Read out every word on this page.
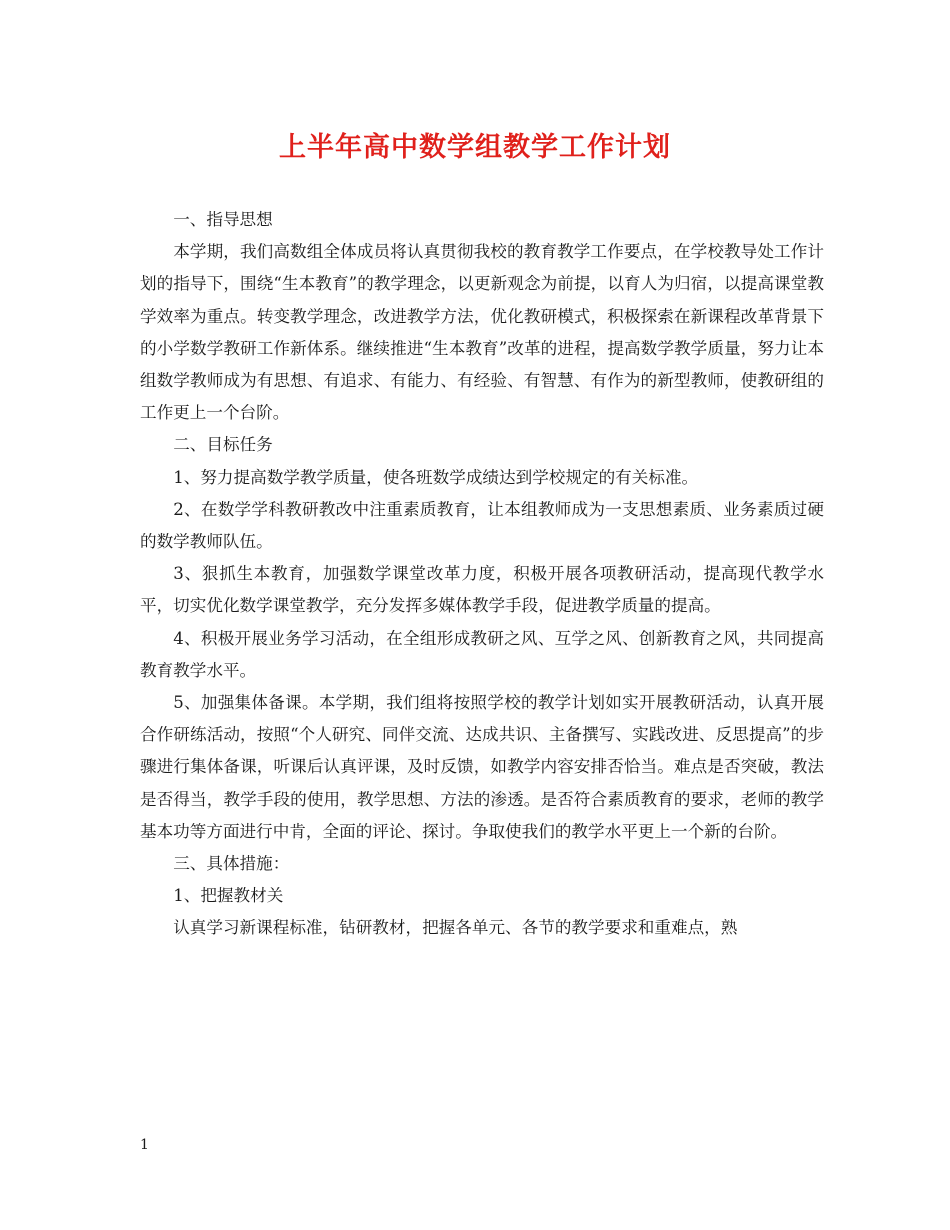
上半年高中数学组教学工作计划

一、指导思想

本学期，我们高数组全体成员将认真贯彻我校的教育教学工作要点，在学校教导处工作计划的指导下，围绕“生本教育”的教学理念，以更新观念为前提，以育人为归宿，以提高课堂教学效率为重点。转变教学理念，改进教学方法，优化教研模式，积极探索在新课程改革背景下的小学数学教研工作新体系。继续推进“生本教育”改革的进程，提高数学教学质量，努力让本组数学教师成为有思想、有追求、有能力、有经验、有智慧、有作为的新型教师，使教研组的工作更上一个台阶。

二、目标任务

1、努力提高数学教学质量，使各班数学成绩达到学校规定的有关标准。

2、在数学学科教研教改中注重素质教育，让本组教师成为一支思想素质、业务素质过硬的数学教师队伍。

3、狠抓生本教育，加强数学课堂改革力度，积极开展各项教研活动，提高现代教学水平，切实优化数学课堂教学，充分发挥多媒体教学手段，促进教学质量的提高。

4、积极开展业务学习活动，在全组形成教研之风、互学之风、创新教育之风，共同提高教育教学水平。

5、加强集体备课。本学期，我们组将按照学校的教学计划如实开展教研活动，认真开展合作研练活动，按照“个人研究、同伴交流、达成共识、主备撰写、实践改进、反思提高”的步骤进行集体备课，听课后认真评课，及时反馈，如教学内容安排否恰当。难点是否突破，教法是否得当，教学手段的使用，教学思想、方法的渗透。是否符合素质教育的要求，老师的教学基本功等方面进行中肯，全面的评论、探讨。争取使我们的教学水平更上一个新的台阶。

三、具体措施：

1、把握教材关

认真学习新课程标准，钻研教材，把握各单元、各节的教学要求和重难点，熟

1
